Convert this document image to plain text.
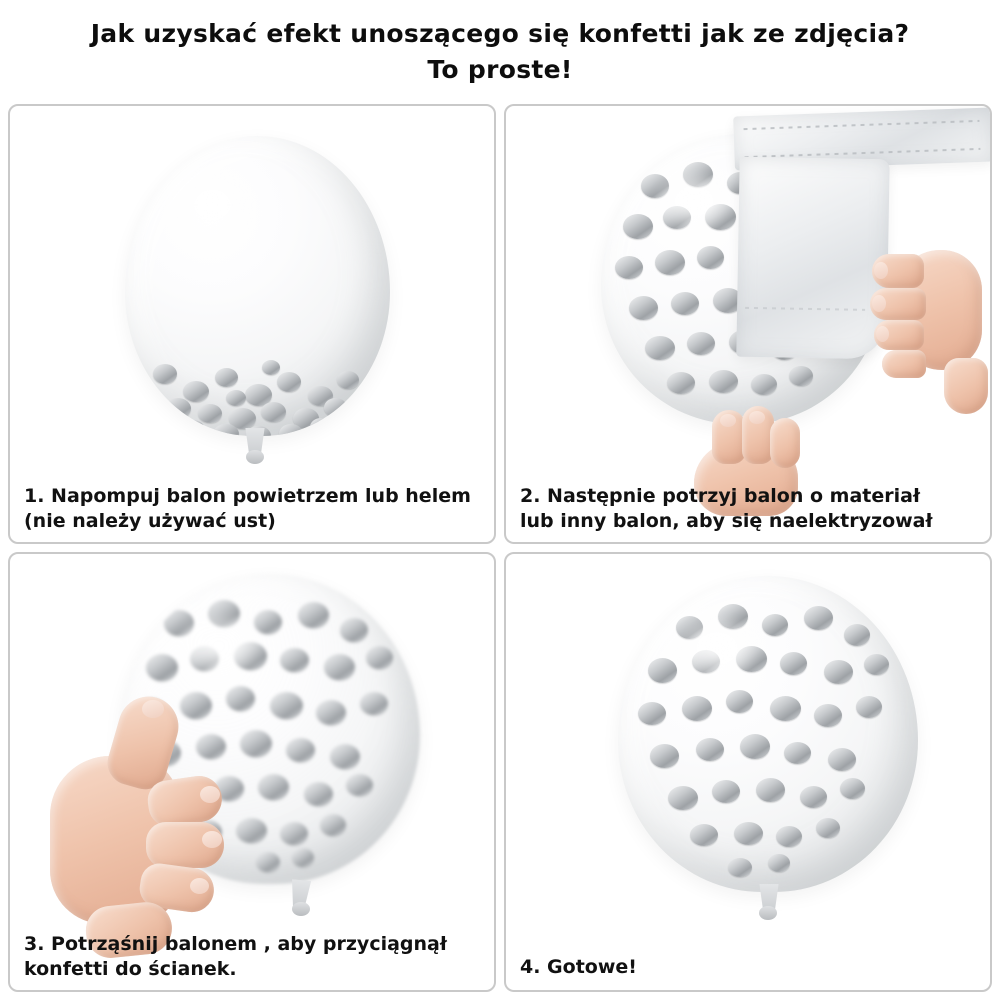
Jak uzyskać efekt unoszącego się konfetti jak ze zdjęcia?
To proste!
1. Napompuj balon powietrzem lub helem
(nie należy używać ust)
2. Następnie potrzyj balon o materiał
lub inny balon, aby się naelektryzował
3. Potrząśnij balonem , aby przyciągnął
konfetti do ścianek.	4. Gotowe!
